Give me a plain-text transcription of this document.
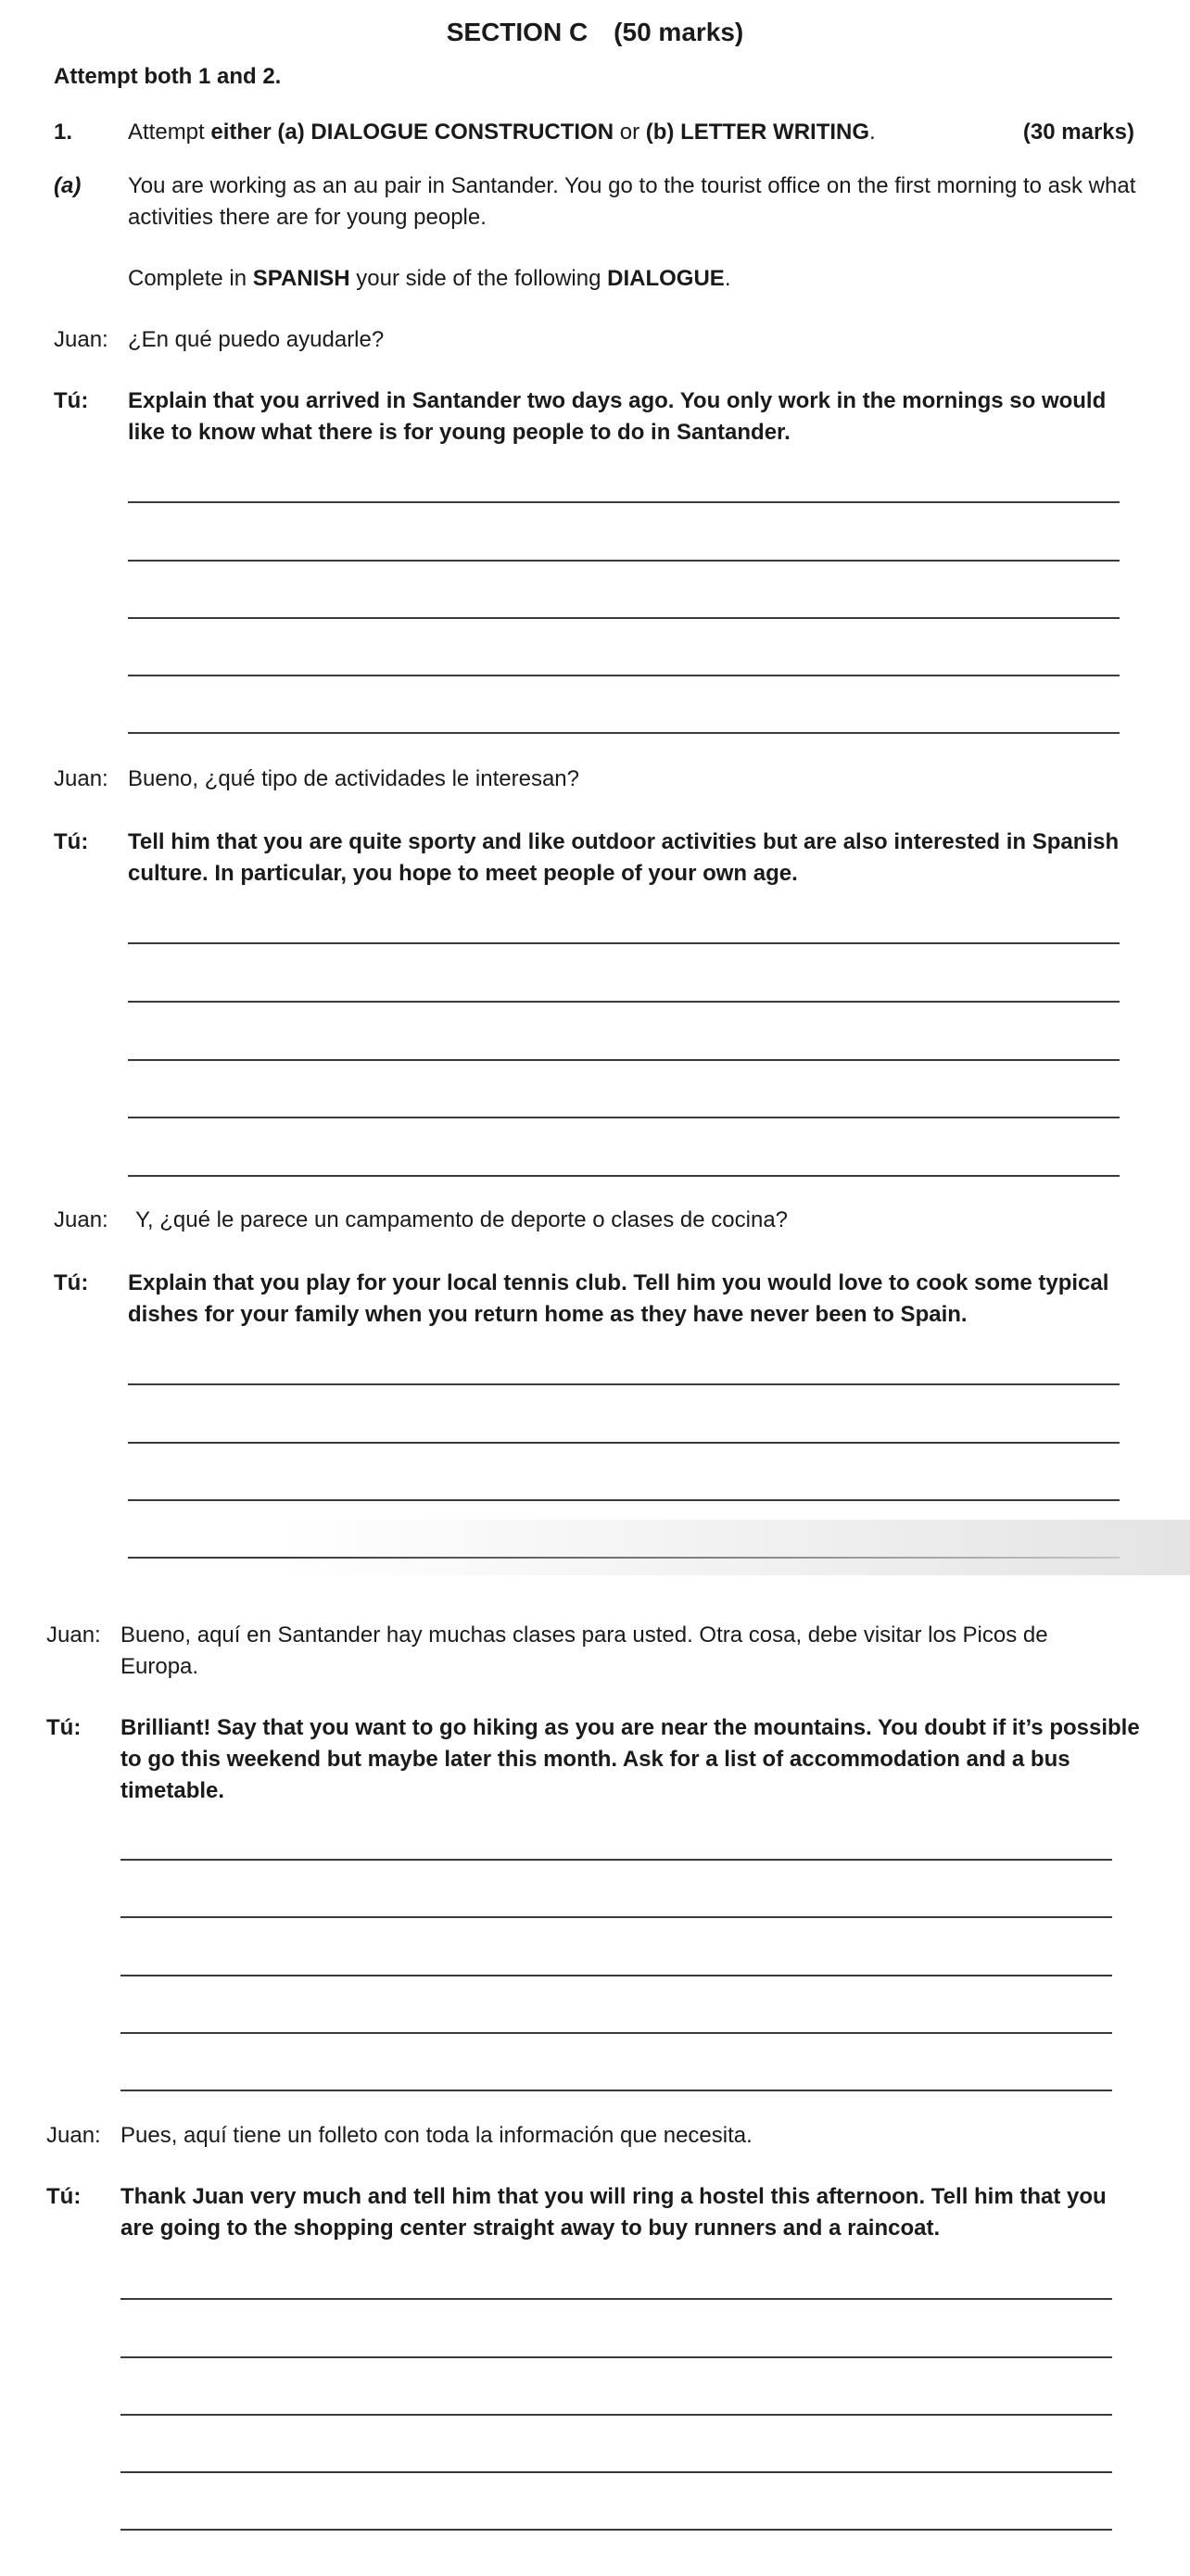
SECTION C (50 marks)
Attempt both 1 and 2.
1. Attempt either (a) DIALOGUE CONSTRUCTION or (b) LETTER WRITING.	(30 marks)
(a) You are working as an au pair in Santander. You go to the tourist office on the first morning to ask what activities there are for young people.
Complete in SPANISH your side of the following DIALOGUE.
Juan: ¿En qué puedo ayudarle?
Tú: Explain that you arrived in Santander two days ago. You only work in the mornings so would like to know what there is for young people to do in Santander.
Juan: Bueno, ¿qué tipo de actividades le interesan?
Tú: Tell him that you are quite sporty and like outdoor activities but are also interested in Spanish culture. In particular, you hope to meet people of your own age.
Juan: Y, ¿qué le parece un campamento de deporte o clases de cocina?
Tú: Explain that you play for your local tennis club. Tell him you would love to cook some typical dishes for your family when you return home as they have never been to Spain.
Juan: Bueno, aquí en Santander hay muchas clases para usted. Otra cosa, debe visitar los Picos de Europa.
Tú: Brilliant! Say that you want to go hiking as you are near the mountains. You doubt if it’s possible to go this weekend but maybe later this month. Ask for a list of accommodation and a bus timetable.
Juan: Pues, aquí tiene un folleto con toda la información que necesita.
Tú: Thank Juan very much and tell him that you will ring a hostel this afternoon. Tell him that you are going to the shopping center straight away to buy runners and a raincoat.
